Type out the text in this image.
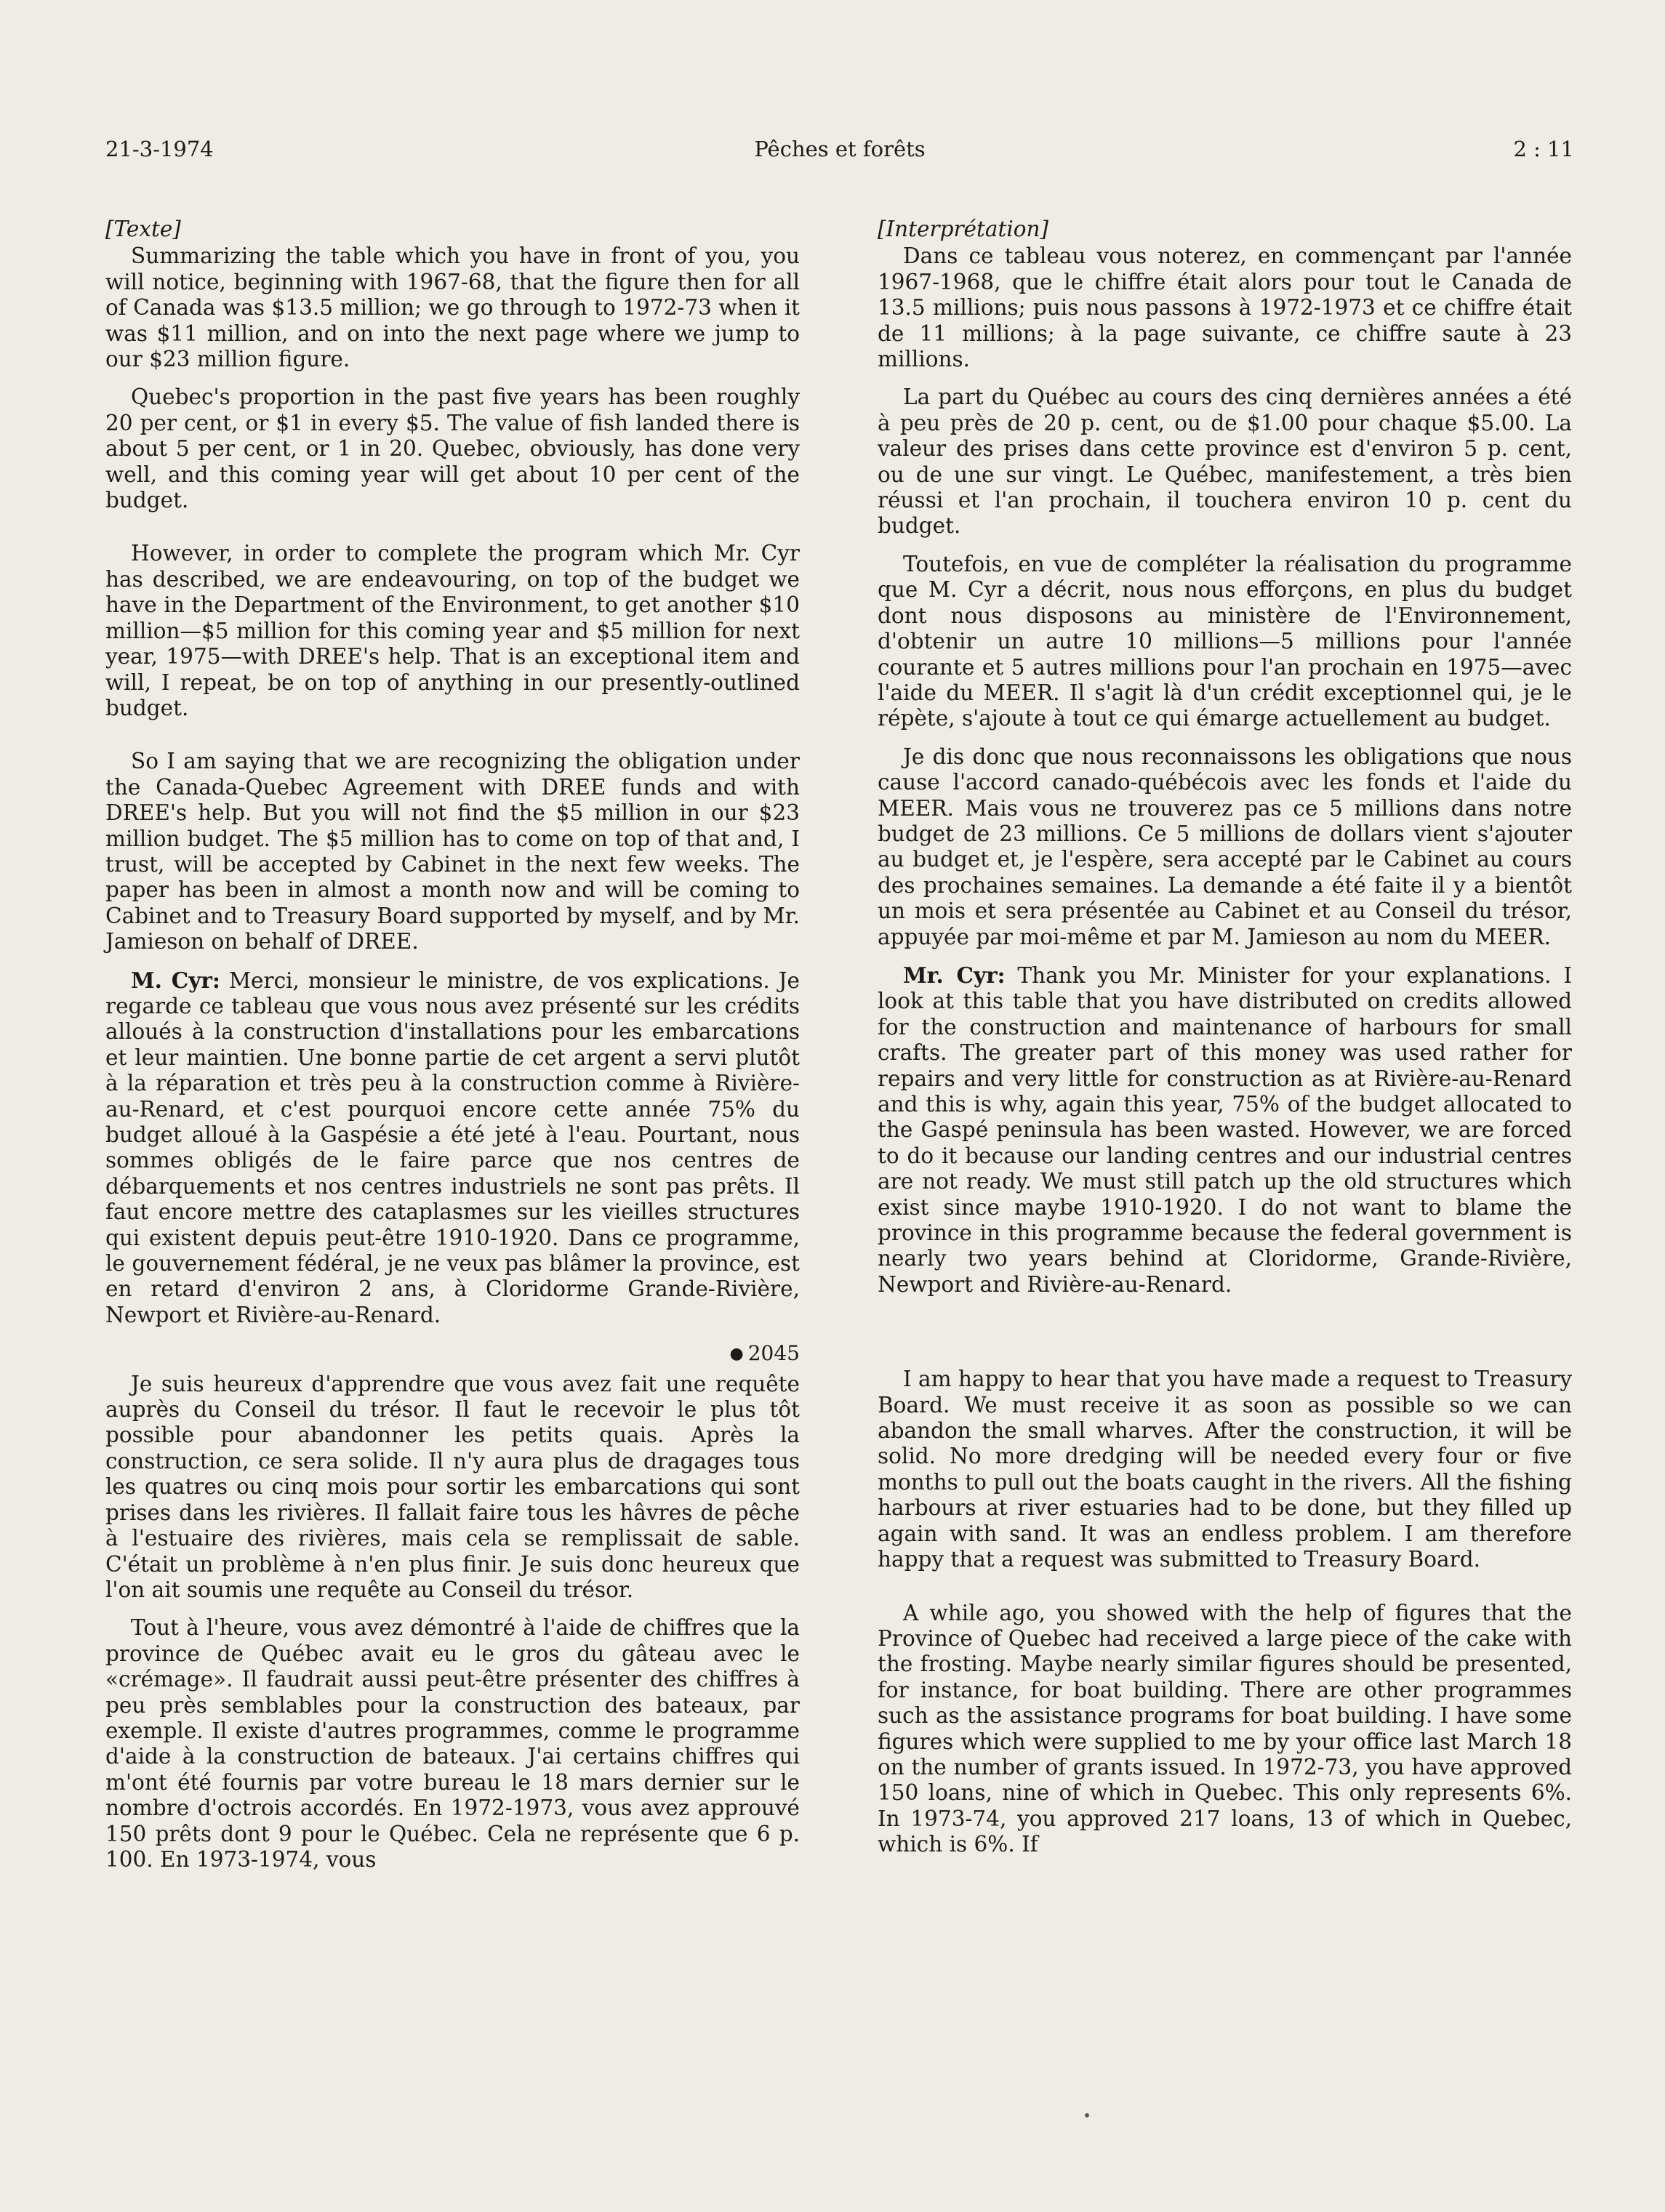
21-3-1974	Pêches et forêts	2 : 11

[Texte]

Summarizing the table which you have in front of you, you will notice, beginning with 1967-68, that the figure then for all of Canada was $13.5 million; we go through to 1972-73 when it was $11 million, and on into the next page where we jump to our $23 million figure.

Quebec's proportion in the past five years has been roughly 20 per cent, or $1 in every $5. The value of fish landed there is about 5 per cent, or 1 in 20. Quebec, obviously, has done very well, and this coming year will get about 10 per cent of the budget.

However, in order to complete the program which Mr. Cyr has described, we are endeavouring, on top of the budget we have in the Department of the Environment, to get another $10 million—$5 million for this coming year and $5 million for next year, 1975—with DREE's help. That is an exceptional item and will, I repeat, be on top of anything in our presently-outlined budget.

So I am saying that we are recognizing the obligation under the Canada-Quebec Agreement with DREE funds and with DREE's help. But you will not find the $5 million in our $23 million budget. The $5 million has to come on top of that and, I trust, will be accepted by Cabinet in the next few weeks. The paper has been in almost a month now and will be coming to Cabinet and to Treasury Board supported by myself, and by Mr. Jamieson on behalf of DREE.

M. Cyr: Merci, monsieur le ministre, de vos explications. Je regarde ce tableau que vous nous avez présenté sur les crédits alloués à la construction d'installations pour les embarcations et leur maintien. Une bonne partie de cet argent a servi plutôt à la réparation et très peu à la construction comme à Rivière-au-Renard, et c'est pourquoi encore cette année 75% du budget alloué à la Gaspésie a été jeté à l'eau. Pourtant, nous sommes obligés de le faire parce que nos centres de débarquements et nos centres industriels ne sont pas prêts. Il faut encore mettre des cataplasmes sur les vieilles structures qui existent depuis peut-être 1910-1920. Dans ce programme, le gouvernement fédéral, je ne veux pas blâmer la province, est en retard d'environ 2 ans, à Cloridorme Grande-Rivière, Newport et Rivière-au-Renard.

● 2045

Je suis heureux d'apprendre que vous avez fait une requête auprès du Conseil du trésor. Il faut le recevoir le plus tôt possible pour abandonner les petits quais. Après la construction, ce sera solide. Il n'y aura plus de dragages tous les quatres ou cinq mois pour sortir les embarcations qui sont prises dans les rivières. Il fallait faire tous les hâvres de pêche à l'estuaire des rivières, mais cela se remplissait de sable. C'était un problème à n'en plus finir. Je suis donc heureux que l'on ait soumis une requête au Conseil du trésor.

Tout à l'heure, vous avez démontré à l'aide de chiffres que la province de Québec avait eu le gros du gâteau avec le «crémage». Il faudrait aussi peut-être présenter des chiffres à peu près semblables pour la construction des bateaux, par exemple. Il existe d'autres programmes, comme le programme d'aide à la construction de bateaux. J'ai certains chiffres qui m'ont été fournis par votre bureau le 18 mars dernier sur le nombre d'octrois accordés. En 1972-1973, vous avez approuvé 150 prêts dont 9 pour le Québec. Cela ne représente que 6 p. 100. En 1973-1974, vous

[Interprétation]

Dans ce tableau vous noterez, en commençant par l'année 1967-1968, que le chiffre était alors pour tout le Canada de 13.5 millions; puis nous passons à 1972-1973 et ce chiffre était de 11 millions; à la page suivante, ce chiffre saute à 23 millions.

La part du Québec au cours des cinq dernières années a été à peu près de 20 p. cent, ou de $1.00 pour chaque $5.00. La valeur des prises dans cette province est d'environ 5 p. cent, ou de une sur vingt. Le Québec, manifestement, a très bien réussi et l'an prochain, il touchera environ 10 p. cent du budget.

Toutefois, en vue de compléter la réalisation du programme que M. Cyr a décrit, nous nous efforçons, en plus du budget dont nous disposons au ministère de l'Environnement, d'obtenir un autre 10 millions—5 millions pour l'année courante et 5 autres millions pour l'an prochain en 1975—avec l'aide du MEER. Il s'agit là d'un crédit exceptionnel qui, je le répète, s'ajoute à tout ce qui émarge actuellement au budget.

Je dis donc que nous reconnaissons les obligations que nous cause l'accord canado-québécois avec les fonds et l'aide du MEER. Mais vous ne trouverez pas ce 5 millions dans notre budget de 23 millions. Ce 5 millions de dollars vient s'ajouter au budget et, je l'espère, sera accepté par le Cabinet au cours des prochaines semaines. La demande a été faite il y a bientôt un mois et sera présentée au Cabinet et au Conseil du trésor, appuyée par moi-même et par M. Jamieson au nom du MEER.

Mr. Cyr: Thank you Mr. Minister for your explanations. I look at this table that you have distributed on credits allowed for the construction and maintenance of harbours for small crafts. The greater part of this money was used rather for repairs and very little for construction as at Rivière-au-Renard and this is why, again this year, 75% of the budget allocated to the Gaspé peninsula has been wasted. However, we are forced to do it because our landing centres and our industrial centres are not ready. We must still patch up the old structures which exist since maybe 1910-1920. I do not want to blame the province in this programme because the federal government is nearly two years behind at Cloridorme, Grande-Rivière, Newport and Rivière-au-Renard.

I am happy to hear that you have made a request to Treasury Board. We must receive it as soon as possible so we can abandon the small wharves. After the construction, it will be solid. No more dredging will be needed every four or five months to pull out the boats caught in the rivers. All the fishing harbours at river estuaries had to be done, but they filled up again with sand. It was an endless problem. I am therefore happy that a request was submitted to Treasury Board.

A while ago, you showed with the help of figures that the Province of Quebec had received a large piece of the cake with the frosting. Maybe nearly similar figures should be presented, for instance, for boat building. There are other programmes such as the assistance programs for boat building. I have some figures which were supplied to me by your office last March 18 on the number of grants issued. In 1972-73, you have approved 150 loans, nine of which in Quebec. This only represents 6%. In 1973-74, you approved 217 loans, 13 of which in Quebec, which is 6%. If
